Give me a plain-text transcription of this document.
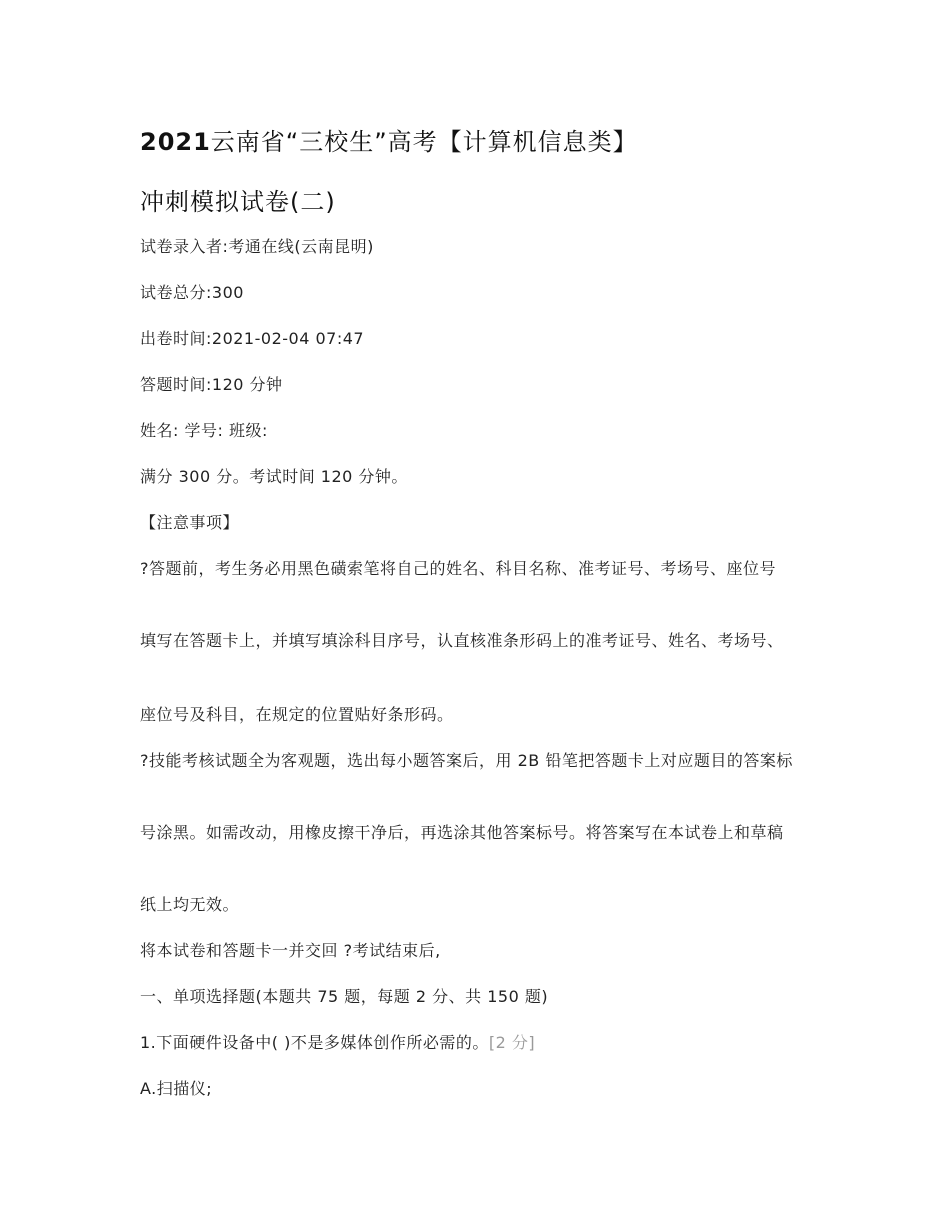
2021云南省“三校生”高考【计算机信息类】
冲刺模拟试卷(二)
试卷录入者:考通在线(云南昆明)
试卷总分:300
出卷时间:2021-02-04 07:47
答题时间:120 分钟
姓名: 学号: 班级:
满分 300 分。考试时间 120 分钟。
【注意事项】
?答题前，考生务必用黑色磺索笔将自己的姓名、科目名称、准考证号、考场号、座位号
填写在答题卡上，并填写填涂科目序号，认直核准条形码上的准考证号、姓名、考场号、
座位号及科目，在规定的位置贴好条形码。
?技能考核试题全为客观题，选出每小题答案后，用 2B 铅笔把答题卡上对应题目的答案标
号涂黑。如需改动，用橡皮擦干净后，再选涂其他答案标号。将答案写在本试卷上和草稿
纸上均无效。
将本试卷和答题卡一并交回 ?考试结束后,
一、单项选择题(本题共 75 题，每题 2 分、共 150 题)
1.下面硬件设备中( )不是多媒体创作所必需的。[2 分]
A.扫描仪;
